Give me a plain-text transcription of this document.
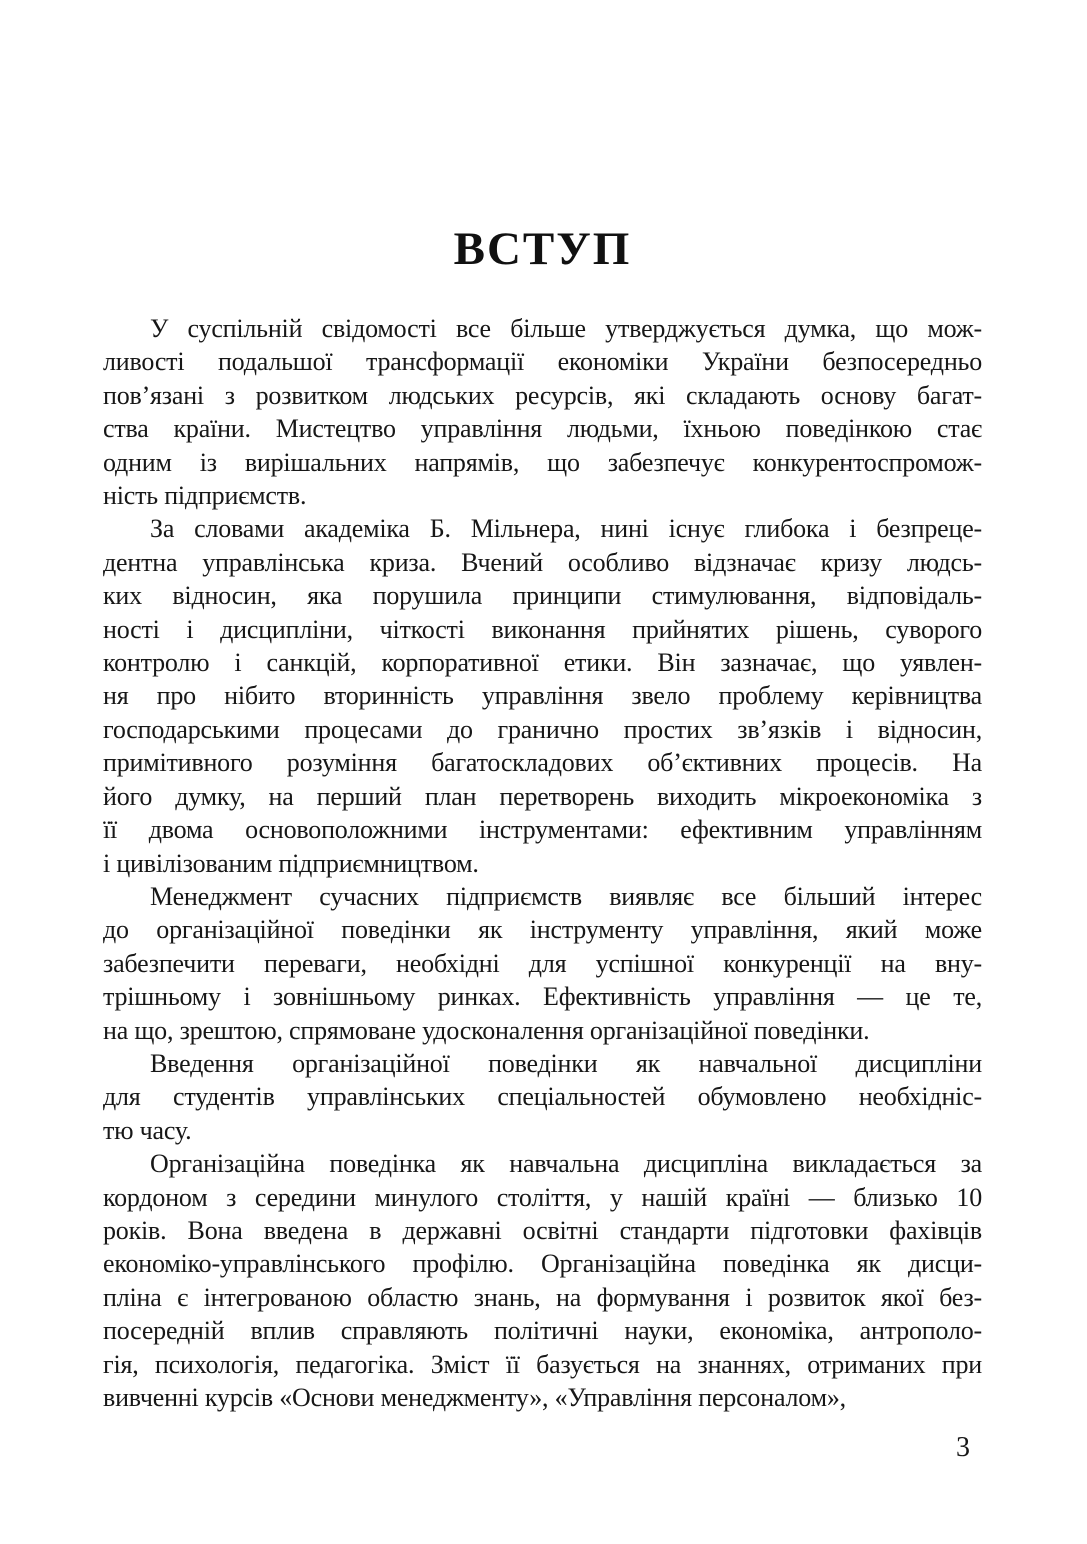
ВСТУП
У суспільній свідомості все більше утверджується думка, що мож-
ливості подальшої трансформації економіки України безпосередньо
пов’язані з розвитком людських ресурсів, які складають основу багат-
ства країни. Мистецтво управління людьми, їхньою поведінкою стає
одним із вирішальних напрямів, що забезпечує конкурентоспромож-
ність підприємств.
За словами академіка Б. Мільнера, нині існує глибока і безпреце-
дентна управлінська криза. Вчений особливо відзначає кризу людсь-
ких відносин, яка порушила принципи стимулювання, відповідаль-
ності і дисципліни, чіткості виконання прийнятих рішень, суворого
контролю і санкцій, корпоративної етики. Він зазначає, що уявлен-
ня про нібито вторинність управління звело проблему керівництва
господарськими процесами до гранично простих зв’язків і відносин,
примітивного розуміння багатоскладових об’єктивних процесів. На
його думку, на перший план перетворень виходить мікроекономіка з
її двома основоположними інструментами: ефективним управлінням
і цивілізованим підприємництвом.
Менеджмент сучасних підприємств виявляє все більший інтерес
до організаційної поведінки як інструменту управління, який може
забезпечити переваги, необхідні для успішної конкуренції на вну-
трішньому і зовнішньому ринках. Ефективність управління — це те,
на що, зрештою, спрямоване удосконалення організаційної поведінки.
Введення організаційної поведінки як навчальної дисципліни
для студентів управлінських спеціальностей обумовлено необхідніс-
тю часу.
Організаційна поведінка як навчальна дисципліна викладається за
кордоном з середини минулого століття, у нашій країні — близько 10
років. Вона введена в державні освітні стандарти підготовки фахівців
економіко-управлінського профілю. Організаційна поведінка як дисци-
пліна є інтегрованою областю знань, на формування і розвиток якої без-
посередній вплив справляють політичні науки, економіка, антрополо-
гія, психологія, педагогіка. Зміст її базується на знаннях, отриманих при
вивченні курсів «Основи менеджменту», «Управління персоналом»,
3
